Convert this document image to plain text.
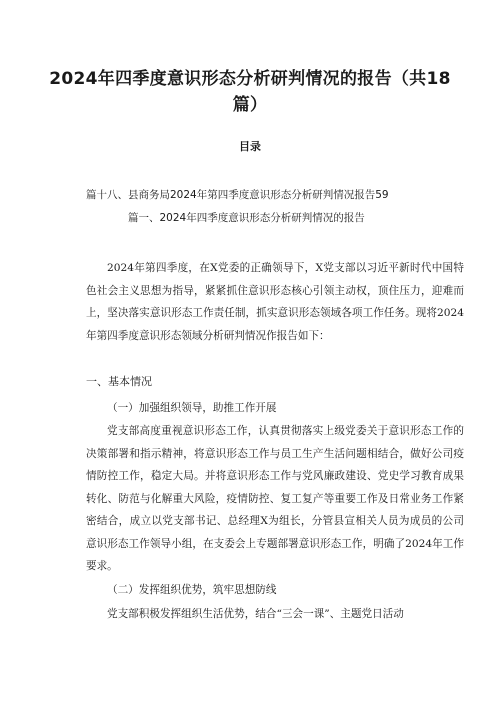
2024年四季度意识形态分析研判情况的报告（共18篇）
目录
篇十八、县商务局2024年第四季度意识形态分析研判情况报告59
篇一、2024年四季度意识形态分析研判情况的报告
2024年第四季度，在X党委的正确领导下，X党支部以习近平新时代中国特色社会主义思想为指导，紧紧抓住意识形态核心引领主动权，顶住压力，迎难而上，坚决落实意识形态工作责任制，抓实意识形态领域各项工作任务。现将2024年第四季度意识形态领域分析研判情况作报告如下：
一、基本情况
（一）加强组织领导，助推工作开展
党支部高度重视意识形态工作，认真贯彻落实上级党委关于意识形态工作的决策部署和指示精神，将意识形态工作与员工生产生活问题相结合，做好公司疫情防控工作，稳定大局。并将意识形态工作与党风廉政建设、党史学习教育成果转化、防范与化解重大风险，疫情防控、复工复产等重要工作及日常业务工作紧密结合，成立以党支部书记、总经理X为组长，分管县宣相关人员为成员的公司意识形态工作领导小组，在支委会上专题部署意识形态工作，明确了2024年工作要求。
（二）发挥组织优势，筑牢思想防线
党支部积极发挥组织生活优势，结合“三会一课”、主题党日活动
